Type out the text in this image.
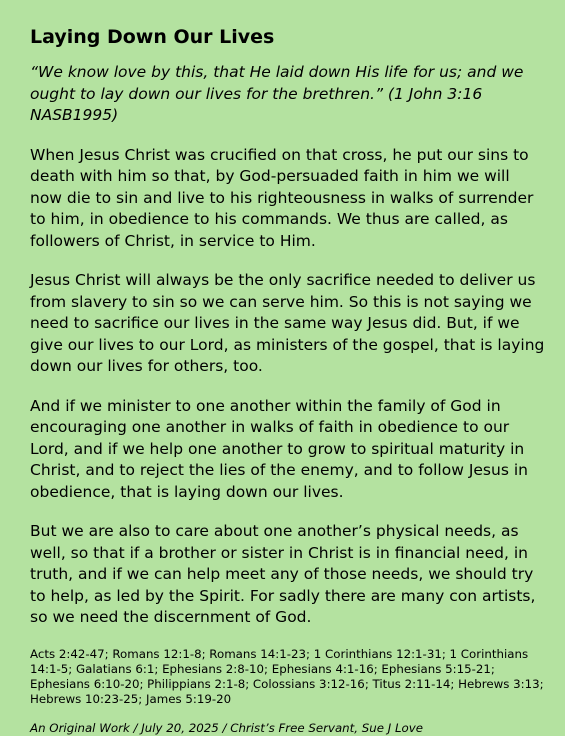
Laying Down Our Lives

“We know love by this, that He laid down His life for us; and we ought to lay down our lives for the brethren.” (1 John 3:16 NASB1995)

When Jesus Christ was crucified on that cross, he put our sins to death with him so that, by God-persuaded faith in him we will now die to sin and live to his righteousness in walks of surrender to him, in obedience to his commands. We thus are called, as followers of Christ, in service to Him.

Jesus Christ will always be the only sacrifice needed to deliver us from slavery to sin so we can serve him. So this is not saying we need to sacrifice our lives in the same way Jesus did. But, if we give our lives to our Lord, as ministers of the gospel, that is laying down our lives for others, too.

And if we minister to one another within the family of God in encouraging one another in walks of faith in obedience to our Lord, and if we help one another to grow to spiritual maturity in Christ, and to reject the lies of the enemy, and to follow Jesus in obedience, that is laying down our lives.

But we are also to care about one another’s physical needs, as well, so that if a brother or sister in Christ is in financial need, in truth, and if we can help meet any of those needs, we should try to help, as led by the Spirit. For sadly there are many con artists, so we need the discernment of God.

Acts 2:42-47; Romans 12:1-8; Romans 14:1-23; 1 Corinthians 12:1-31; 1 Corinthians 14:1-5; Galatians 6:1; Ephesians 2:8-10; Ephesians 4:1-16; Ephesians 5:15-21; Ephesians 6:10-20; Philippians 2:1-8; Colossians 3:12-16; Titus 2:11-14; Hebrews 3:13; Hebrews 10:23-25; James 5:19-20

An Original Work / July 20, 2025 / Christ’s Free Servant, Sue J Love
